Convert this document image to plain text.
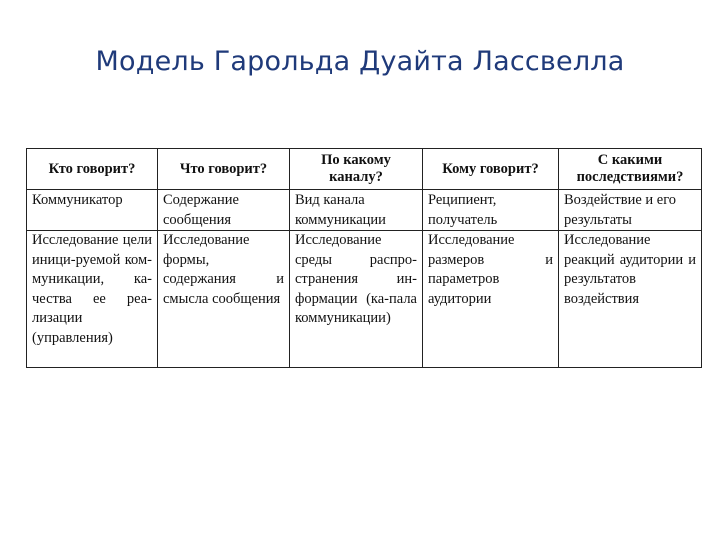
Модель Гарольда Дуайта Лассвелла
Кто говорит?	Что говорит?	По какому каналу?	Кому говорит?	С какими последствиями?
Коммуникатор	Содержание сообщения	Вид канала коммуникации	Реципиент, получатель	Воздействие и его результаты
Исследование цели иници-руемой ком-муникации, ка-чества ее реа-лизации (управления)	Исследование формы, содержания и смысла сообщения	Исследование среды распро-странения ин-формации (ка-пала коммуникации)	Исследование размеров и параметров аудитории	Исследование реакций аудитории и результатов воздействия
